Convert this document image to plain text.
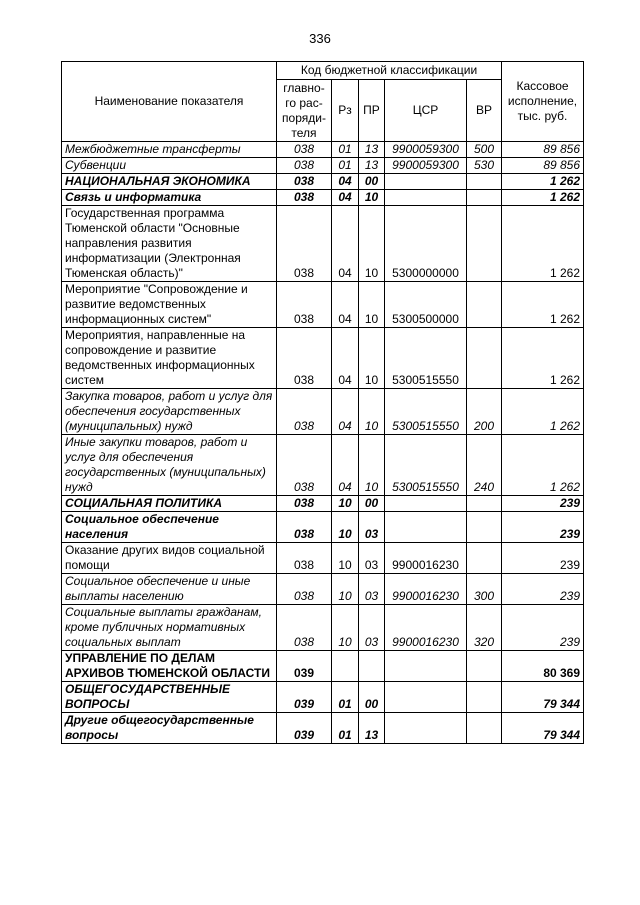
336
Наименование показателя	Код бюджетной классификации					Кассовое исполнение, тыс. руб.
	главно-го рас-поряди-теля	Рз	ПР	ЦСР	ВР	
Межбюджетные трансферты	038	01	13	9900059300	500	89 856
Субвенции	038	01	13	9900059300	530	89 856
НАЦИОНАЛЬНАЯ ЭКОНОМИКА	038	04	00			1 262
Связь и информатика	038	04	10			1 262
Государственная программа Тюменской области "Основные направления развития информатизации (Электронная Тюменская область)"	038	04	10	5300000000		1 262
Мероприятие "Сопровождение и развитие ведомственных информационных систем"	038	04	10	5300500000		1 262
Мероприятия, направленные на сопровождение и развитие ведомственных информационных систем	038	04	10	5300515550		1 262
Закупка товаров, работ и услуг для обеспечения государственных (муниципальных) нужд	038	04	10	5300515550	200	1 262
Иные закупки товаров, работ и услуг для обеспечения государственных (муниципальных) нужд	038	04	10	5300515550	240	1 262
СОЦИАЛЬНАЯ ПОЛИТИКА	038	10	00			239
Социальное обеспечение населения	038	10	03			239
Оказание других видов социальной помощи	038	10	03	9900016230		239
Социальное обеспечение и иные выплаты населению	038	10	03	9900016230	300	239
Социальные выплаты гражданам, кроме публичных нормативных социальных выплат	038	10	03	9900016230	320	239
УПРАВЛЕНИЕ ПО ДЕЛАМ АРХИВОВ ТЮМЕНСКОЙ ОБЛАСТИ	039					80 369
ОБЩЕГОСУДАРСТВЕННЫЕ ВОПРОСЫ	039	01	00			79 344
Другие общегосударственные вопросы	039	01	13			79 344
